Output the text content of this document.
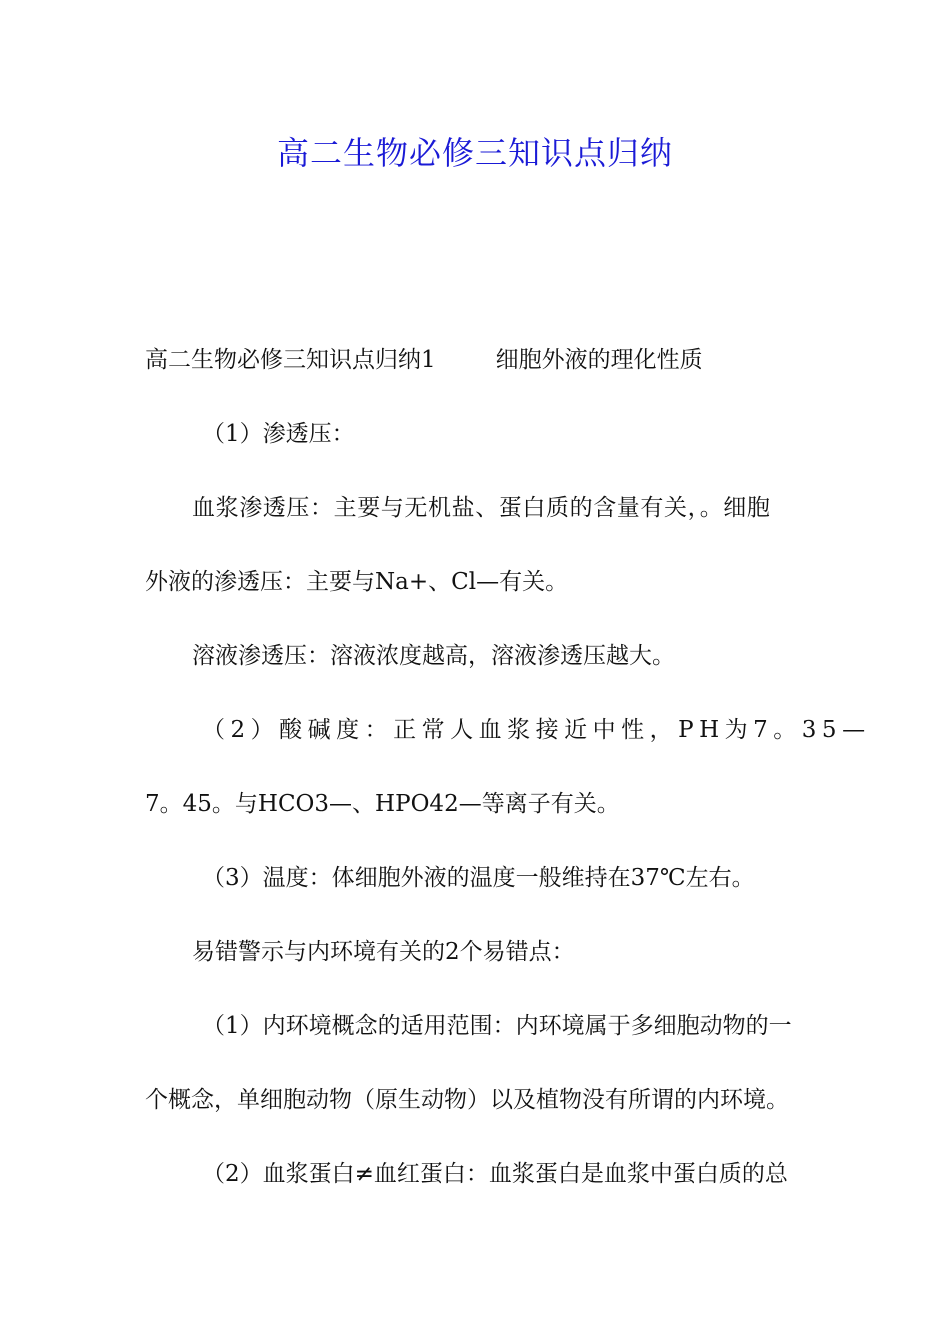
高二生物必修三知识点归纳
高二生物必修三知识点归纳1	细胞外液的理化性质
（1）渗透压：
血浆渗透压：主要与无机盐、蛋白质的含量有关，。细胞
外液的渗透压：主要与Na+、Cl—有关。
溶液渗透压：溶液浓度越高，溶液渗透压越大。
（2）酸碱度：正常人血浆接近中性，PH为7。35—
7。45。与HCO3—、HPO42—等离子有关。
（3）温度：体细胞外液的温度一般维持在37℃左右。
易错警示与内环境有关的2个易错点：
（1）内环境概念的适用范围：内环境属于多细胞动物的一
个概念，单细胞动物（原生动物）以及植物没有所谓的内环境。
（2）血浆蛋白≠血红蛋白：血浆蛋白是血浆中蛋白质的总
